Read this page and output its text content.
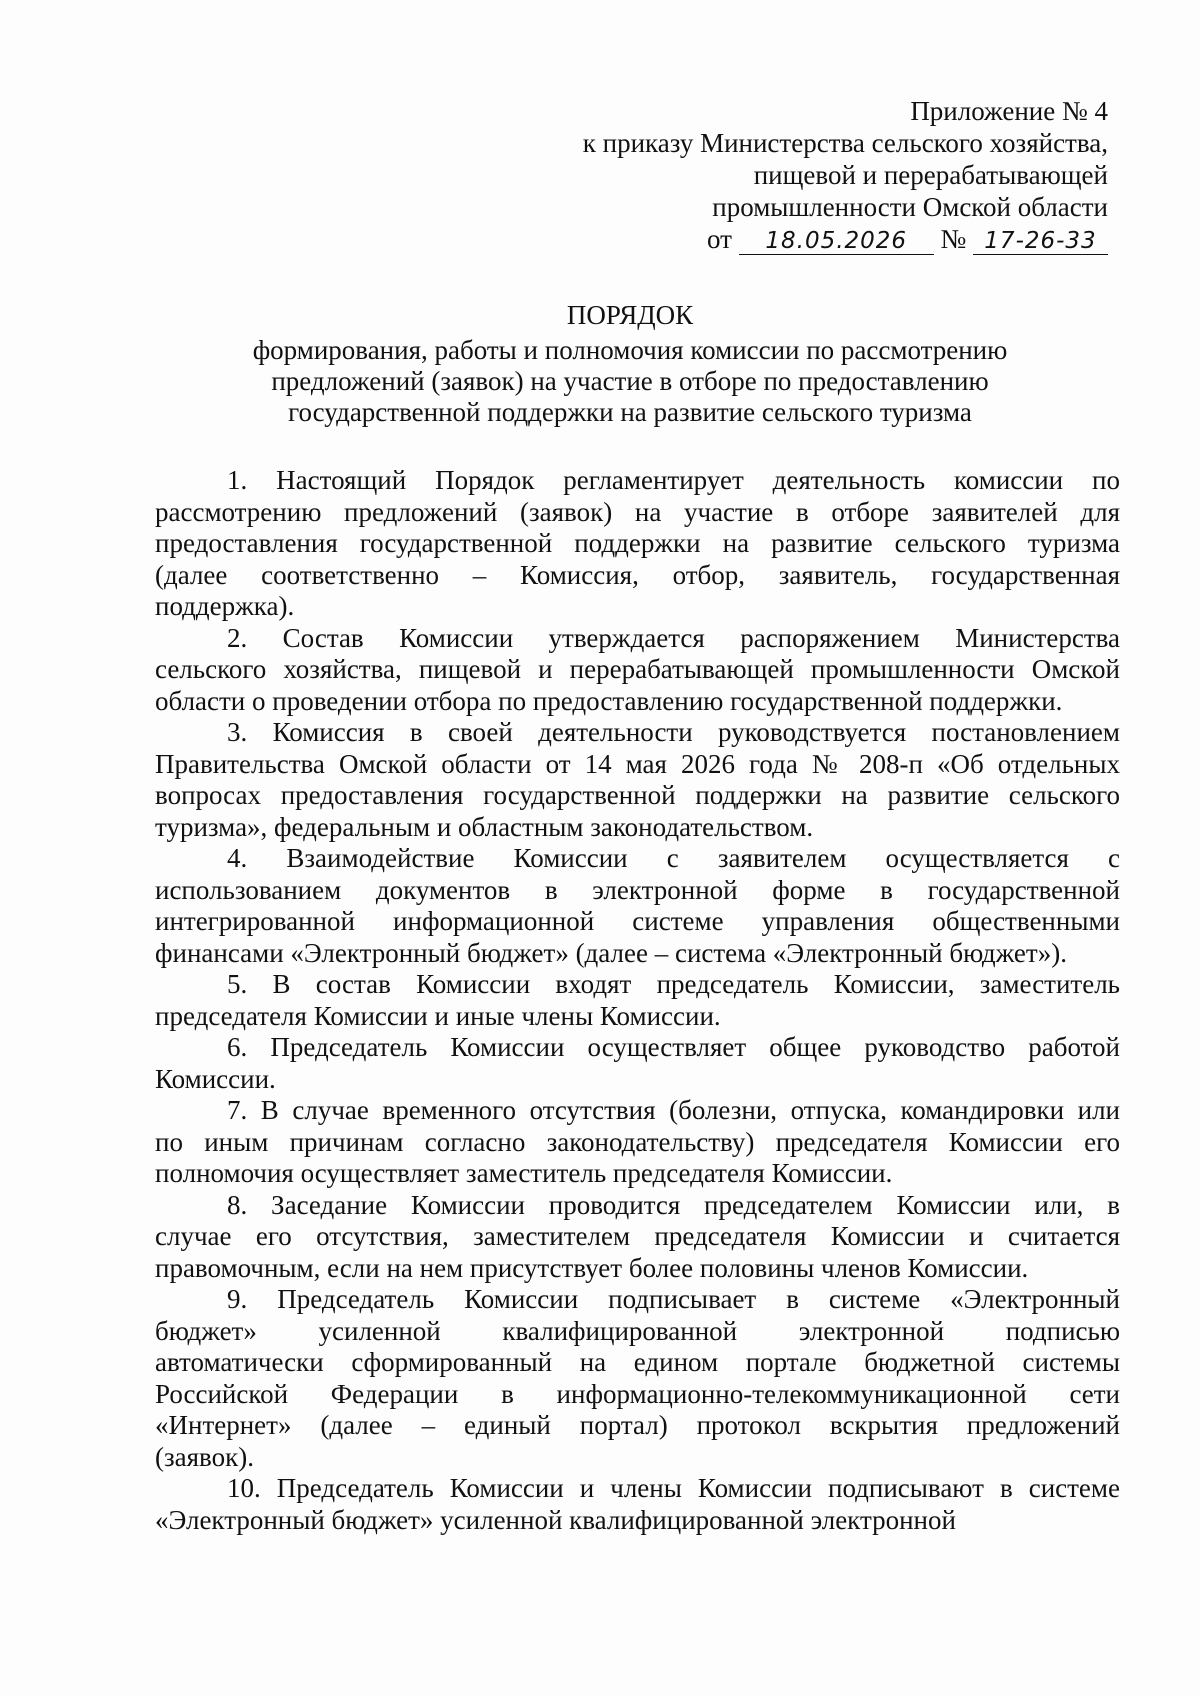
Приложение № 4
к приказу Министерства сельского хозяйства,
пищевой и перерабатывающей
промышленности Омской области
от 18.05.2026 № 17-26-33
ПОРЯДОК
формирования, работы и полномочия комиссии по рассмотрению
предложений (заявок) на участие в отборе по предоставлению
государственной поддержки на развитие сельского туризма
1. Настоящий Порядок регламентирует деятельность комиссии по
рассмотрению предложений (заявок) на участие в отборе заявителей для
предоставления государственной поддержки на развитие сельского туризма
(далее соответственно – Комиссия, отбор, заявитель, государственная
поддержка).
2. Состав Комиссии утверждается распоряжением Министерства
сельского хозяйства, пищевой и перерабатывающей промышленности Омской
области о проведении отбора по предоставлению государственной поддержки.
3. Комиссия в своей деятельности руководствуется постановлением
Правительства Омской области от 14 мая 2026 года № 208-п «Об отдельных
вопросах предоставления государственной поддержки на развитие сельского
туризма», федеральным и областным законодательством.
4. Взаимодействие Комиссии с заявителем осуществляется с
использованием документов в электронной форме в государственной
интегрированной информационной системе управления общественными
финансами «Электронный бюджет» (далее – система «Электронный бюджет»).
5. В состав Комиссии входят председатель Комиссии, заместитель
председателя Комиссии и иные члены Комиссии.
6. Председатель Комиссии осуществляет общее руководство работой
Комиссии.
7. В случае временного отсутствия (болезни, отпуска, командировки или
по иным причинам согласно законодательству) председателя Комиссии его
полномочия осуществляет заместитель председателя Комиссии.
8. Заседание Комиссии проводится председателем Комиссии или, в
случае его отсутствия, заместителем председателя Комиссии и считается
правомочным, если на нем присутствует более половины членов Комиссии.
9. Председатель Комиссии подписывает в системе «Электронный
бюджет» усиленной квалифицированной электронной подписью
автоматически сформированный на едином портале бюджетной системы
Российской Федерации в информационно-телекоммуникационной сети
«Интернет» (далее – единый портал) протокол вскрытия предложений
(заявок).
10. Председатель Комиссии и члены Комиссии подписывают в системе
«Электронный бюджет» усиленной квалифицированной электронной
